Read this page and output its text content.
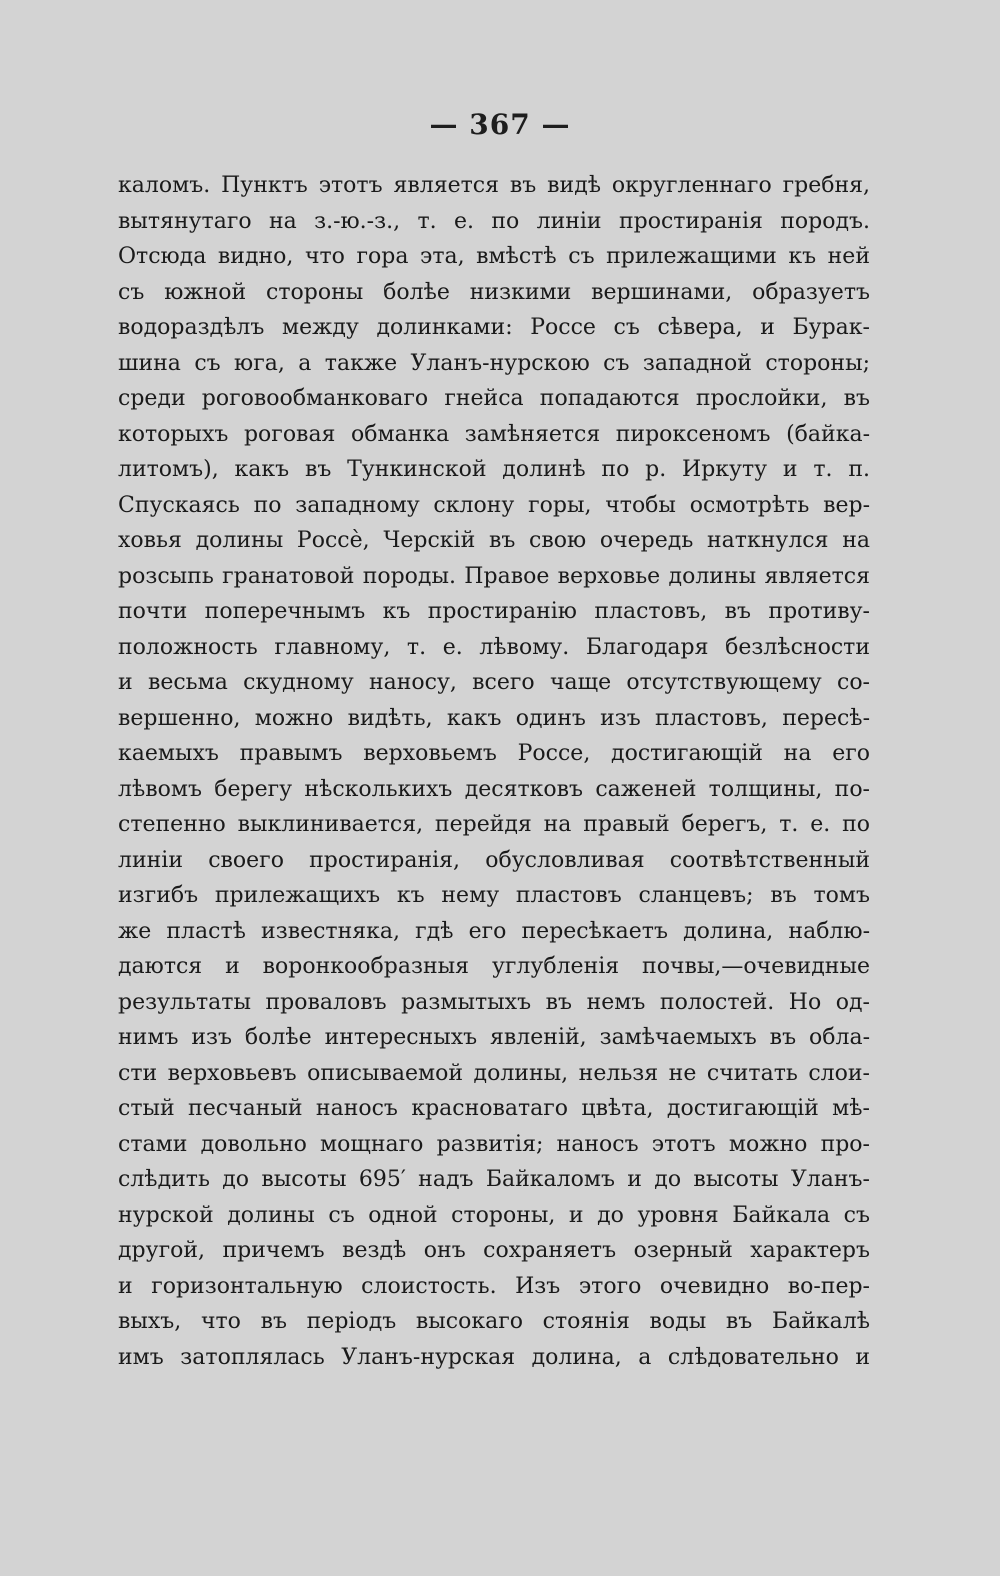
— 367 —
каломъ. Пунктъ этотъ является въ видѣ округленнаго гребня,
вытянутаго на з.-ю.-з., т. е. по линіи простиранія породъ.
Отсюда видно, что гора эта, вмѣстѣ съ прилежащими къ ней
съ южной стороны болѣе низкими вершинами, образуетъ
водораздѣлъ между долинками: Россе съ сѣвера, и Бурак-
шина съ юга, а также Уланъ-нурскою съ западной стороны;
среди роговообманковаго гнейса попадаются прослойки, въ
которыхъ роговая обманка замѣняется пироксеномъ (байка-
литомъ), какъ въ Тункинской долинѣ по р. Иркуту и т. п.
Спускаясь по западному склону горы, чтобы осмотрѣть вер-
ховья долины Россѐ, Черскій въ свою очередь наткнулся на
розсыпь гранатовой породы. Правое верховье долины является
почти поперечнымъ къ простиранію пластовъ, въ противу-
положность главному, т. е. лѣвому. Благодаря безлѣсности
и весьма скудному наносу, всего чаще отсутствующему со-
вершенно, можно видѣть, какъ одинъ изъ пластовъ, пересѣ-
каемыхъ правымъ верховьемъ Россе, достигающій на его
лѣвомъ берегу нѣсколькихъ десятковъ саженей толщины, по-
степенно выклинивается, перейдя на правый берегъ, т. е. по
линіи своего простиранія, обусловливая соотвѣтственный
изгибъ прилежащихъ къ нему пластовъ сланцевъ; въ томъ
же пластѣ известняка, гдѣ его пересѣкаетъ долина, наблю-
даются и воронкообразныя углубленія почвы,—очевидные
результаты проваловъ размытыхъ въ немъ полостей. Но од-
нимъ изъ болѣе интересныхъ явленій, замѣчаемыхъ въ обла-
сти верховьевъ описываемой долины, нельзя не считать слои-
стый песчаный наносъ красноватаго цвѣта, достигающій мѣ-
стами довольно мощнаго развитія; наносъ этотъ можно про-
слѣдить до высоты 695′ надъ Байкаломъ и до высоты Уланъ-
нурской долины съ одной стороны, и до уровня Байкала съ
другой, причемъ вездѣ онъ сохраняетъ озерный характеръ
и горизонтальную слоистость. Изъ этого очевидно во-пер-
выхъ, что въ періодъ высокаго стоянія воды въ Байкалѣ
имъ затоплялась Уланъ-нурская долина, а слѣдовательно и
